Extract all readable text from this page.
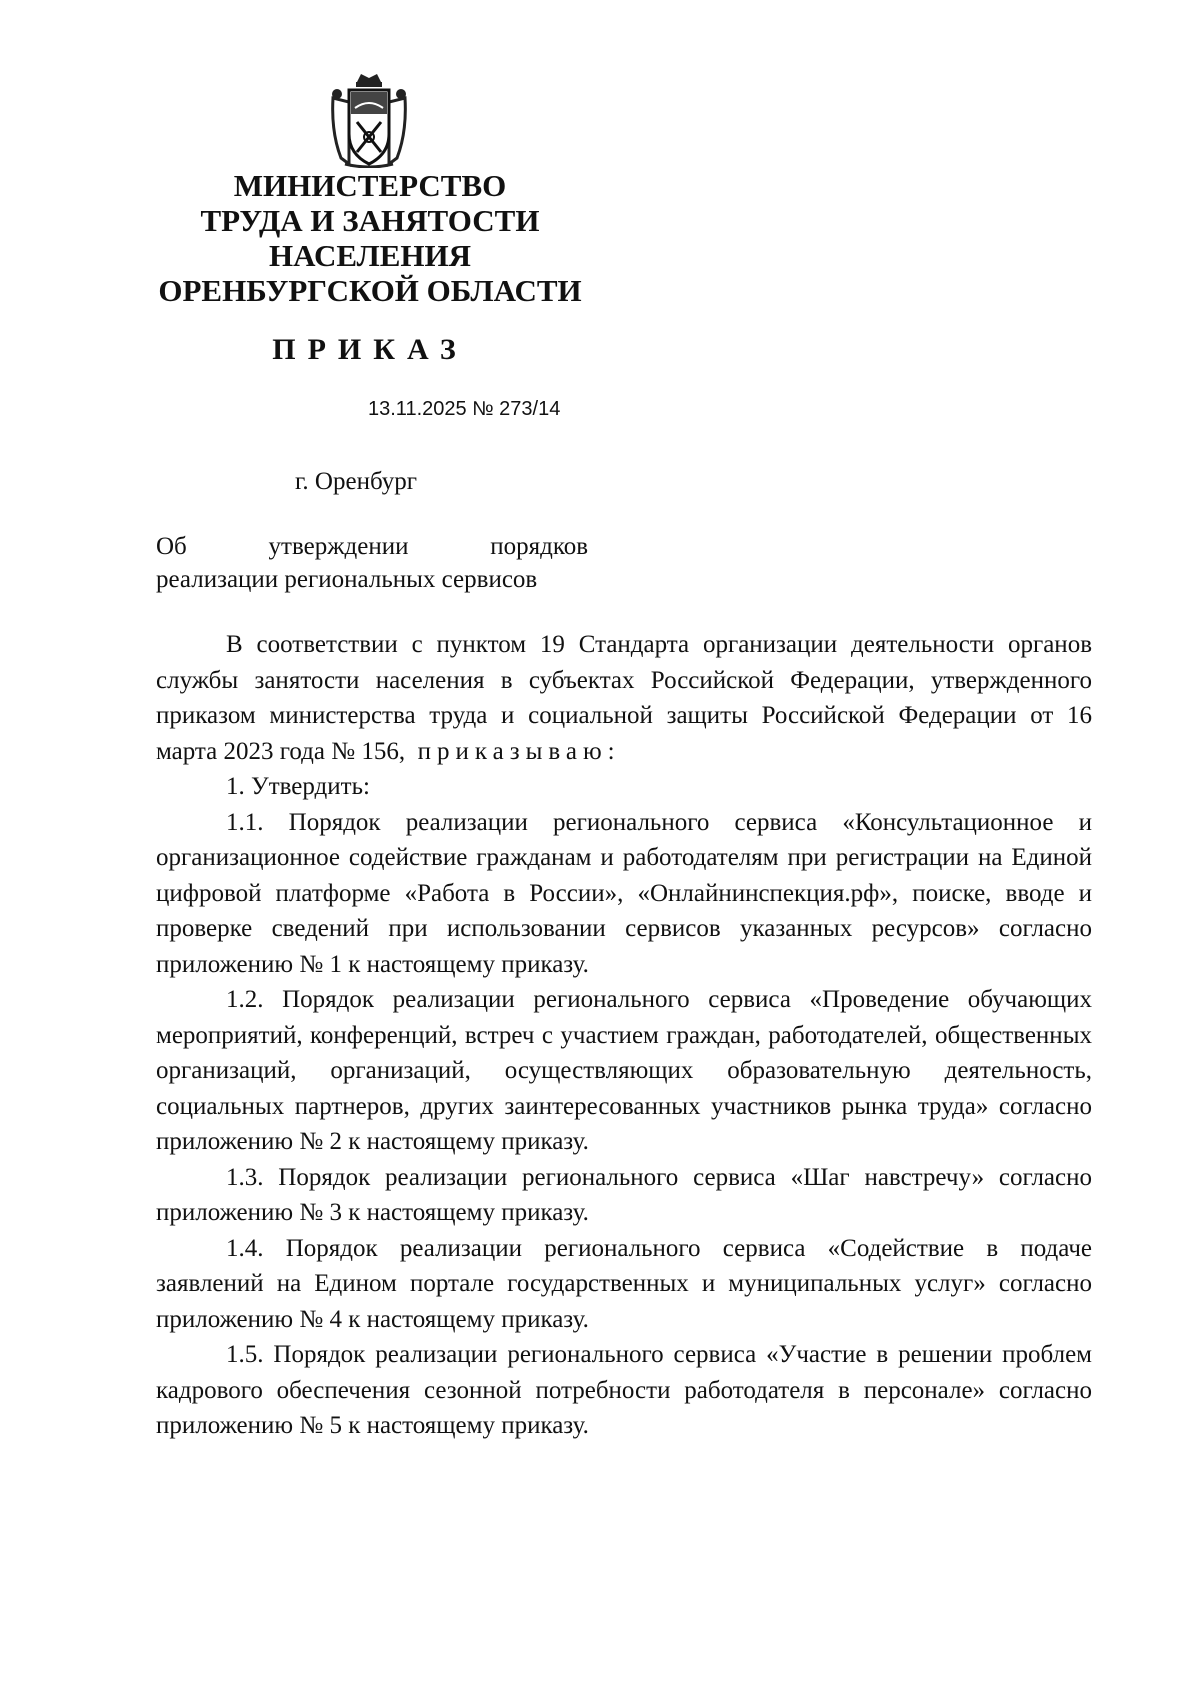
МИНИСТЕРСТВО
ТРУДА И ЗАНЯТОСТИ
НАСЕЛЕНИЯ
ОРЕНБУРГСКОЙ ОБЛАСТИ
ПРИКАЗ
13.11.2025 № 273/14
г. Оренбург
Об	утверждении	порядков
реализации региональных сервисов

В соответствии с пунктом 19 Стандарта организации деятельности органов службы занятости населения в субъектах Российской Федерации, утвержденного приказом министерства труда и социальной защиты Российской Федерации от 16 марта 2023 года № 156, приказываю:

1. Утвердить:

1.1. Порядок реализации регионального сервиса «Консультационное и организационное содействие гражданам и работодателям при регистрации на Единой цифровой платформе «Работа в России», «Онлайнинспекция.рф», поиске, вводе и проверке сведений при использовании сервисов указанных ресурсов» согласно приложению № 1 к настоящему приказу.

1.2. Порядок реализации регионального сервиса «Проведение обучающих мероприятий, конференций, встреч с участием граждан, работодателей, общественных организаций, организаций, осуществляющих образовательную деятельность, социальных партнеров, других заинтересованных участников рынка труда» согласно приложению № 2 к настоящему приказу.

1.3. Порядок реализации регионального сервиса «Шаг навстречу» согласно приложению № 3 к настоящему приказу.

1.4. Порядок реализации регионального сервиса «Содействие в подаче заявлений на Едином портале государственных и муниципальных услуг» согласно приложению № 4 к настоящему приказу.

1.5. Порядок реализации регионального сервиса «Участие в решении проблем кадрового обеспечения сезонной потребности работодателя в персонале» согласно приложению № 5 к настоящему приказу.
